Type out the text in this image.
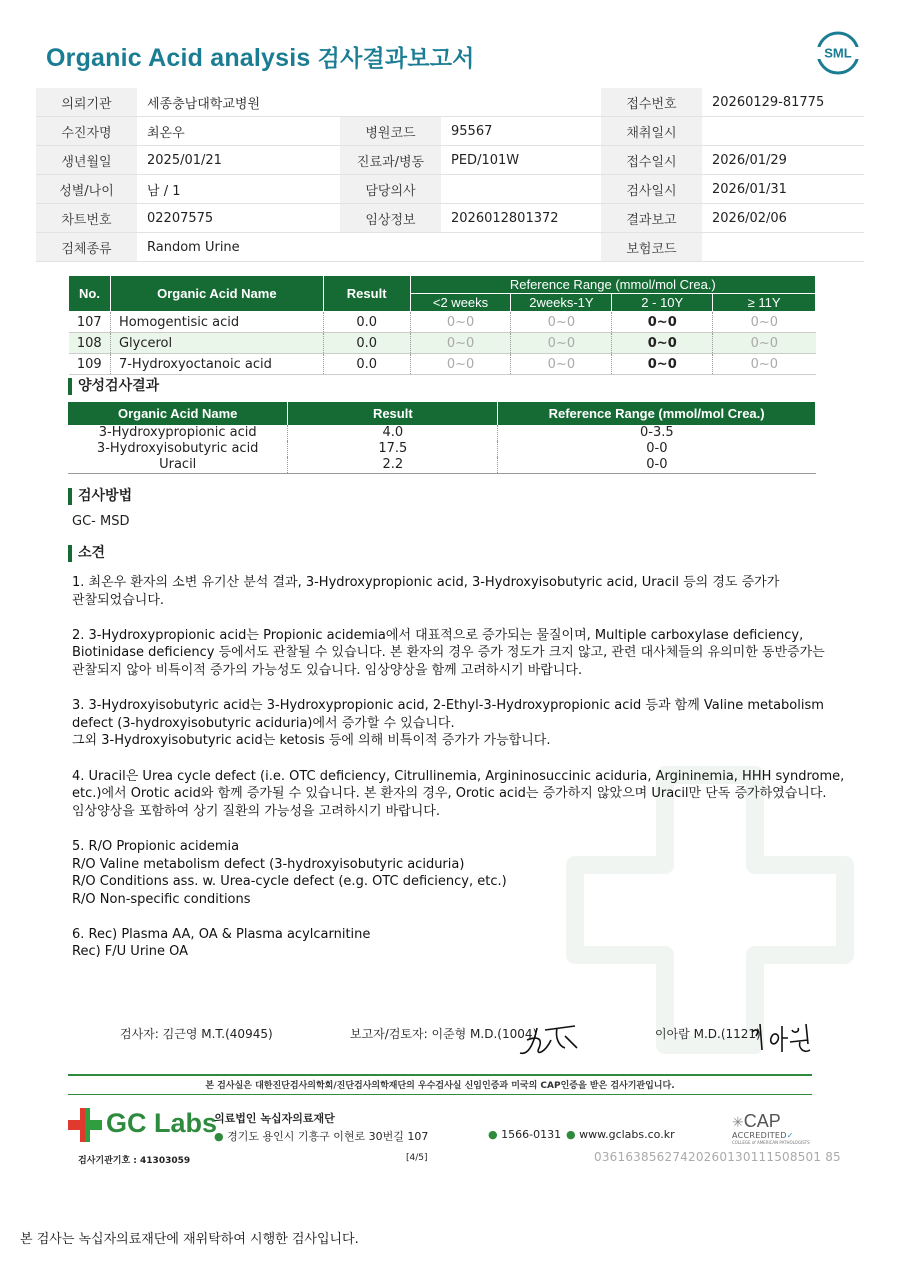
Organic Acid analysis 검사결과보고서	SML
의뢰기관	세종충남대학교병원			접수번호	20260129-81775
수진자명	최온우	병원코드	95567	채취일시	
생년월일	2025/01/21	진료과/병동	PED/101W	접수일시	2026/01/29
성별/나이	남 / 1	담당의사		검사일시	2026/01/31
차트번호	02207575	임상정보	2026012801372	결과보고	2026/02/06
검체종류	Random Urine			보험코드	
No.	Organic Acid Name	Result	Reference Range (mmol/mol Crea.)			
			<2 weeks	2weeks-1Y	2 - 10Y	≥ 11Y
107	Homogentisic acid	0.0	0~0	0~0	0~0	0~0
108	Glycerol	0.0	0~0	0~0	0~0	0~0
109	7-Hydroxyoctanoic acid	0.0	0~0	0~0	0~0	0~0
양성검사결과
Organic Acid Name	Result	Reference Range (mmol/mol Crea.)
3-Hydroxypropionic acid	4.0	0-3.5
3-Hydroxyisobutyric acid	17.5	0-0
Uracil	2.2	0-0
검사방법
GC- MSD
소견

1. 최온우 환자의 소변 유기산 분석 결과, 3-Hydroxypropionic acid, 3-Hydroxyisobutyric acid, Uracil 등의 경도 증가가
관찰되었습니다.

2. 3-Hydroxypropionic acid는 Propionic acidemia에서 대표적으로 증가되는 물질이며, Multiple carboxylase deficiency,
Biotinidase deficiency 등에서도 관찰될 수 있습니다. 본 환자의 경우 증가 정도가 크지 않고, 관련 대사체들의 유의미한 동반증가는
관찰되지 않아 비특이적 증가의 가능성도 있습니다. 임상양상을 함께 고려하시기 바랍니다.

3. 3-Hydroxyisobutyric acid는 3-Hydroxypropionic acid, 2-Ethyl-3-Hydroxypropionic acid 등과 함께 Valine metabolism
defect (3-hydroxyisobutyric aciduria)에서 증가할 수 있습니다.
그외 3-Hydroxyisobutyric acid는 ketosis 등에 의해 비특이적 증가가 가능합니다.

4. Uracil은 Urea cycle defect (i.e. OTC deficiency, Citrullinemia, Argininosuccinic aciduria, Argininemia, HHH syndrome,
etc.)에서 Orotic acid와 함께 증가될 수 있습니다. 본 환자의 경우, Orotic acid는 증가하지 않았으며 Uracil만 단독 증가하였습니다.
임상양상을 포함하여 상기 질환의 가능성을 고려하시기 바랍니다.

5. R/O Propionic acidemia
R/O Valine metabolism defect (3-hydroxyisobutyric aciduria)
R/O Conditions ass. w. Urea-cycle defect (e.g. OTC deficiency, etc.)
R/O Non-specific conditions

6. Rec) Plasma AA, OA & Plasma acylcarnitine
Rec) F/U Urine OA

검사자: 김근영 M.T.(40945)	보고자/검토자: 이준형 M.D.(1004)	이아람 M.D.(1121)
본 검사실은 대한진단검사의학회/진단검사의학재단의 우수검사실 신임인증과 미국의 CAP인증을 받은 검사기관입니다.
GC Labs
의료법인 녹십자의료재단
● 경기도 용인시 기흥구 이현로 30번길 107	● 1566-0131 ● www.gclabs.co.kr
✳CAP
ACCREDITED✓
COLLEGE of AMERICAN PATHOLOGISTS
검사기관기호 : 41303059	[4/5]	03616385627420260130111508501 85
본 검사는 녹십자의료재단에 재위탁하여 시행한 검사입니다.
